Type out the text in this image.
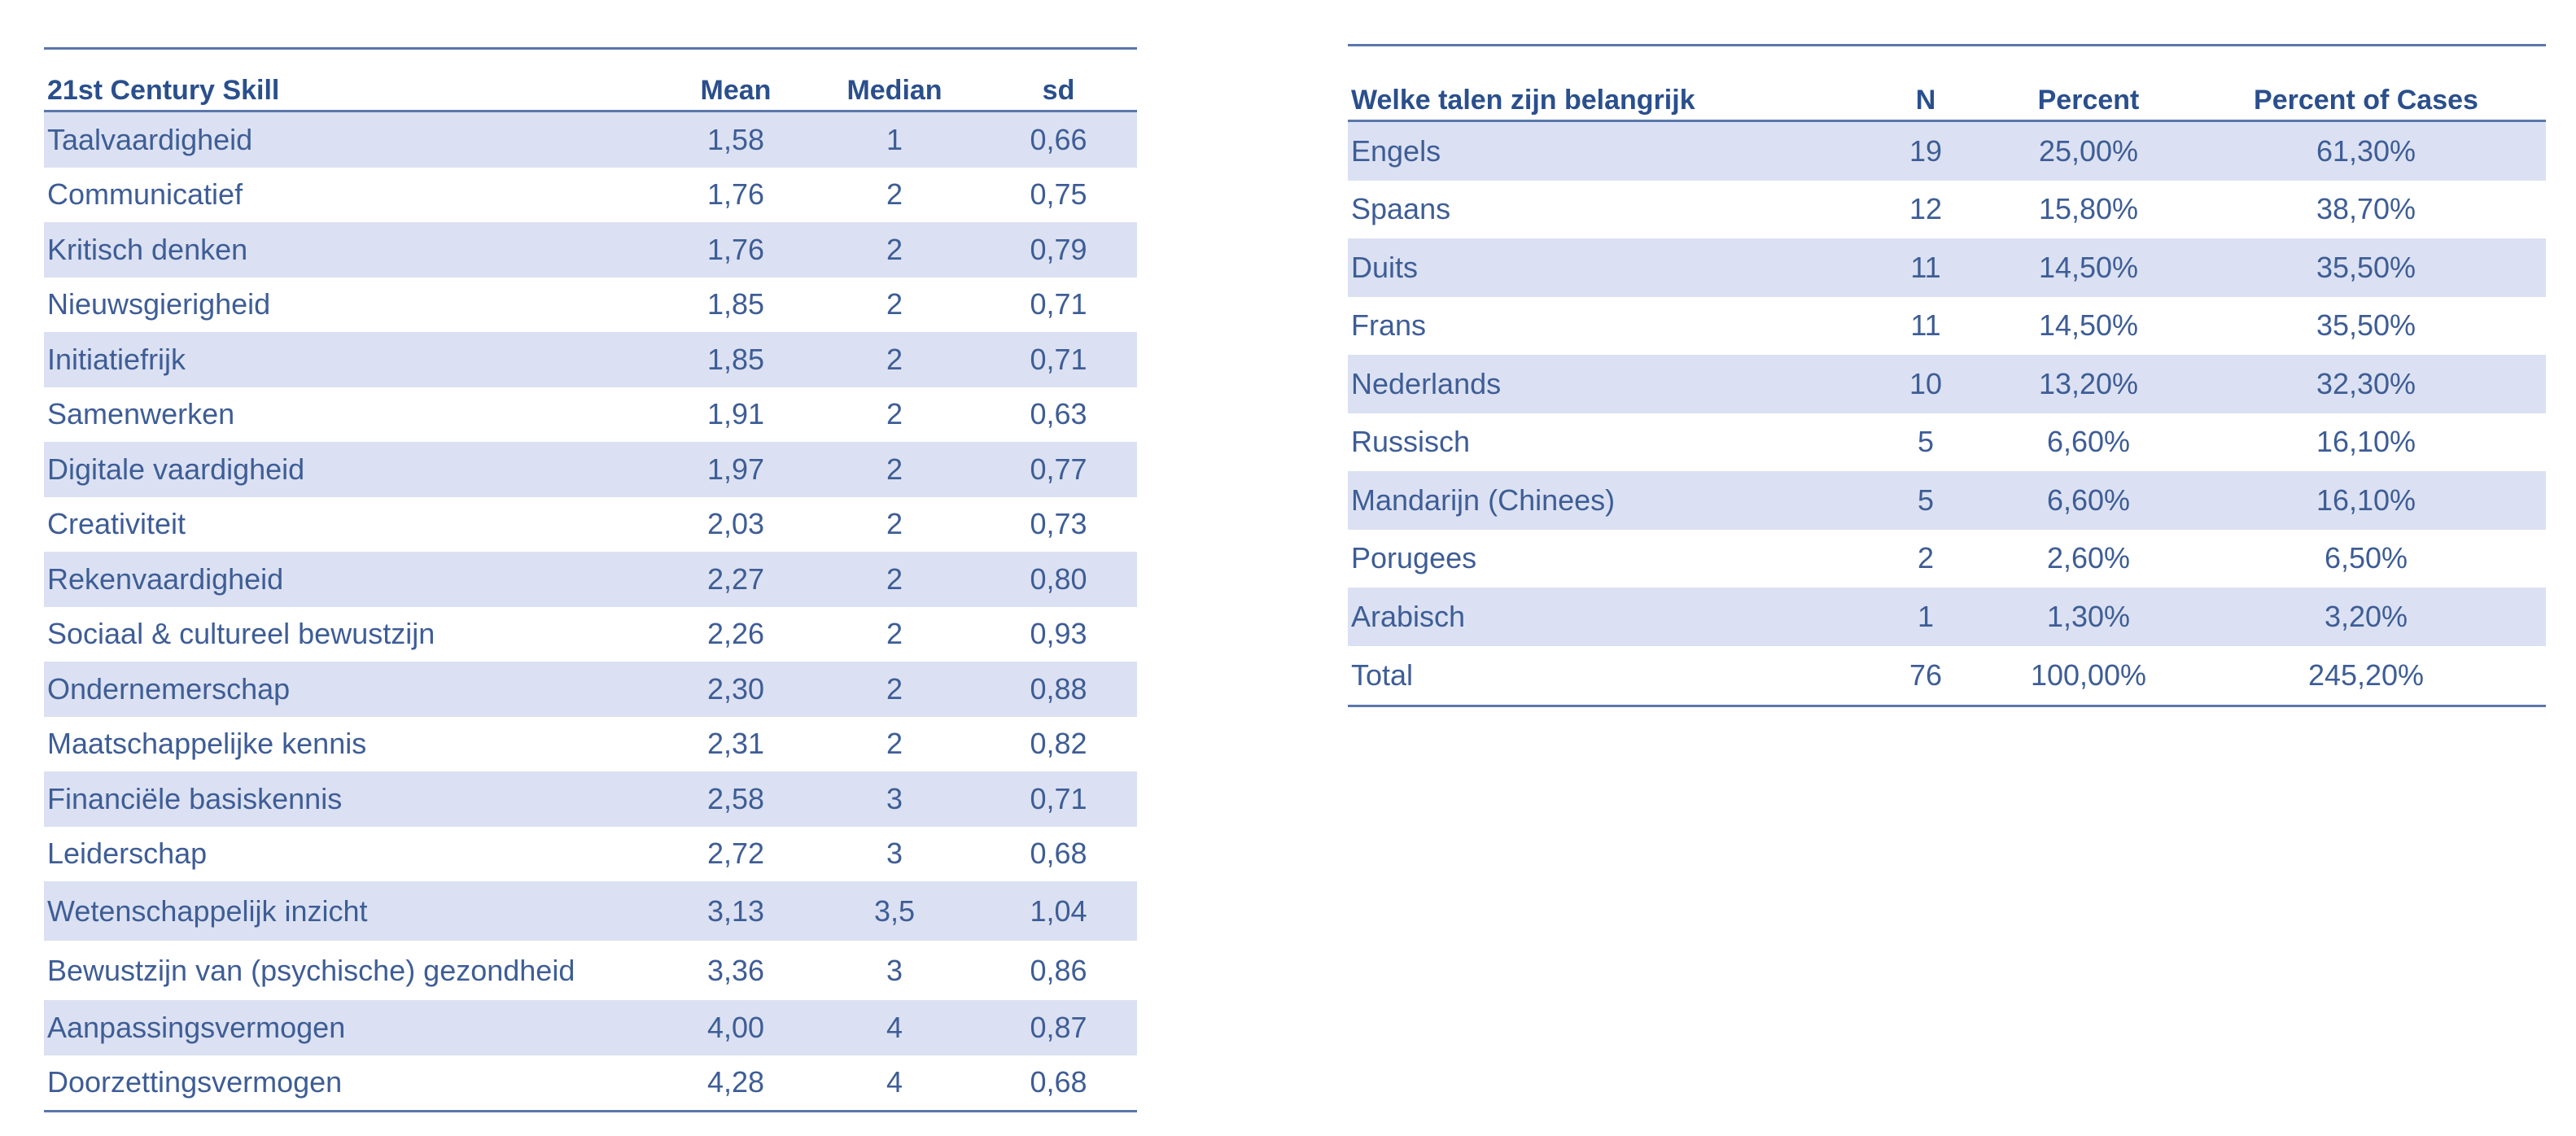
21st Century Skill	Mean	Median	sd
Taalvaardigheid	1,58	1	0,66
Communicatief	1,76	2	0,75
Kritisch denken	1,76	2	0,79
Nieuwsgierigheid	1,85	2	0,71
Initiatiefrijk	1,85	2	0,71
Samenwerken	1,91	2	0,63
Digitale vaardigheid	1,97	2	0,77
Creativiteit	2,03	2	0,73
Rekenvaardigheid	2,27	2	0,80
Sociaal & cultureel bewustzijn	2,26	2	0,93
Ondernemerschap	2,30	2	0,88
Maatschappelijke kennis	2,31	2	0,82
Financiële basiskennis	2,58	3	0,71
Leiderschap	2,72	3	0,68
Wetenschappelijk inzicht	3,13	3,5	1,04
Bewustzijn van (psychische) gezondheid	3,36	3	0,86
Aanpassingsvermogen	4,00	4	0,87
Doorzettingsvermogen	4,28	4	0,68
Welke talen zijn belangrijk	N	Percent	Percent of Cases
Engels	19	25,00%	61,30%
Spaans	12	15,80%	38,70%
Duits	11	14,50%	35,50%
Frans	11	14,50%	35,50%
Nederlands	10	13,20%	32,30%
Russisch	5	6,60%	16,10%
Mandarijn (Chinees)	5	6,60%	16,10%
Porugees	2	2,60%	6,50%
Arabisch	1	1,30%	3,20%
Total	76	100,00%	245,20%
